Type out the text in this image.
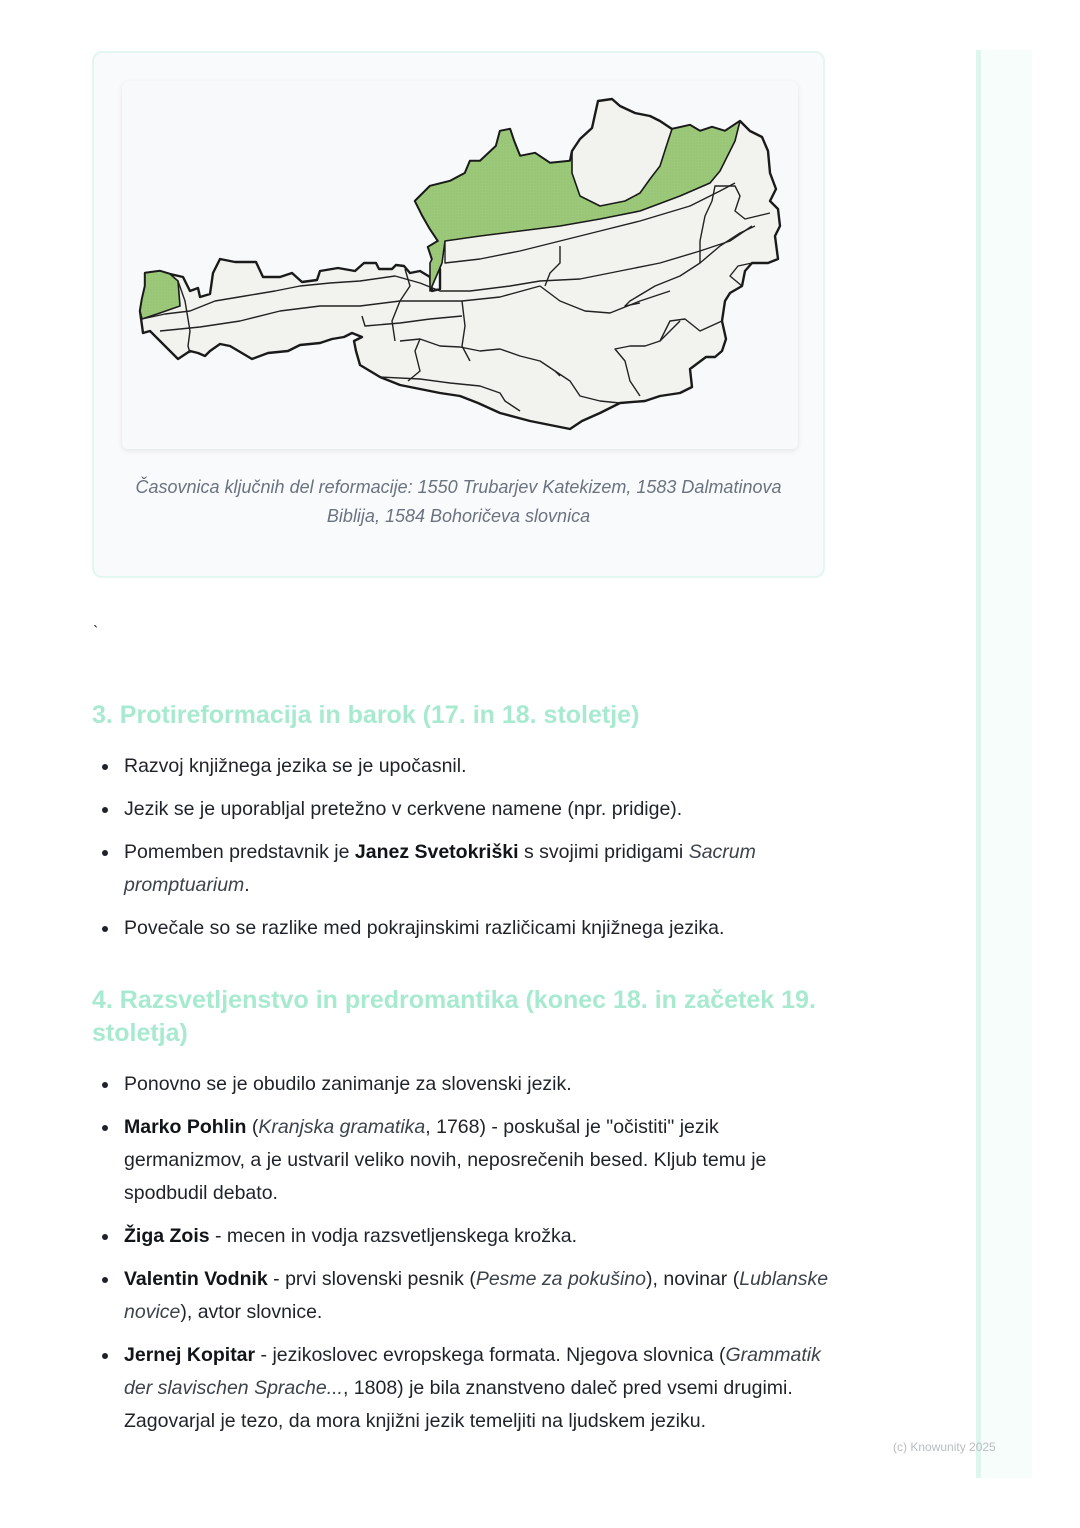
Časovnica ključnih del reformacije: 1550 Trubarjev Katekizem, 1583 Dalmatinova Biblija, 1584 Bohoričeva slovnica
`
3. Protireformacija in barok (17. in 18. stoletje)
Razvoj knjižnega jezika se je upočasnil.
Jezik se je uporabljal pretežno v cerkvene namene (npr. pridige).
Pomemben predstavnik je Janez Svetokriški s svojimi pridigami Sacrum promptuarium.
Povečale so se razlike med pokrajinskimi različicami knjižnega jezika.
4. Razsvetljenstvo in predromantika (konec 18. in začetek 19. stoletja)
Ponovno se je obudilo zanimanje za slovenski jezik.
Marko Pohlin (Kranjska gramatika, 1768) - poskušal je "očistiti" jezik germanizmov, a je ustvaril veliko novih, neposrečenih besed. Kljub temu je spodbudil debato.
Žiga Zois - mecen in vodja razsvetljenskega krožka.
Valentin Vodnik - prvi slovenski pesnik (Pesme za pokušino), novinar (Lublanske novice), avtor slovnice.
Jernej Kopitar - jezikoslovec evropskega formata. Njegova slovnica (Grammatik der slavischen Sprache..., 1808) je bila znanstveno daleč pred vsemi drugimi. Zagovarjal je tezo, da mora knjižni jezik temeljiti na ljudskem jeziku.
(c) Knowunity 2025
